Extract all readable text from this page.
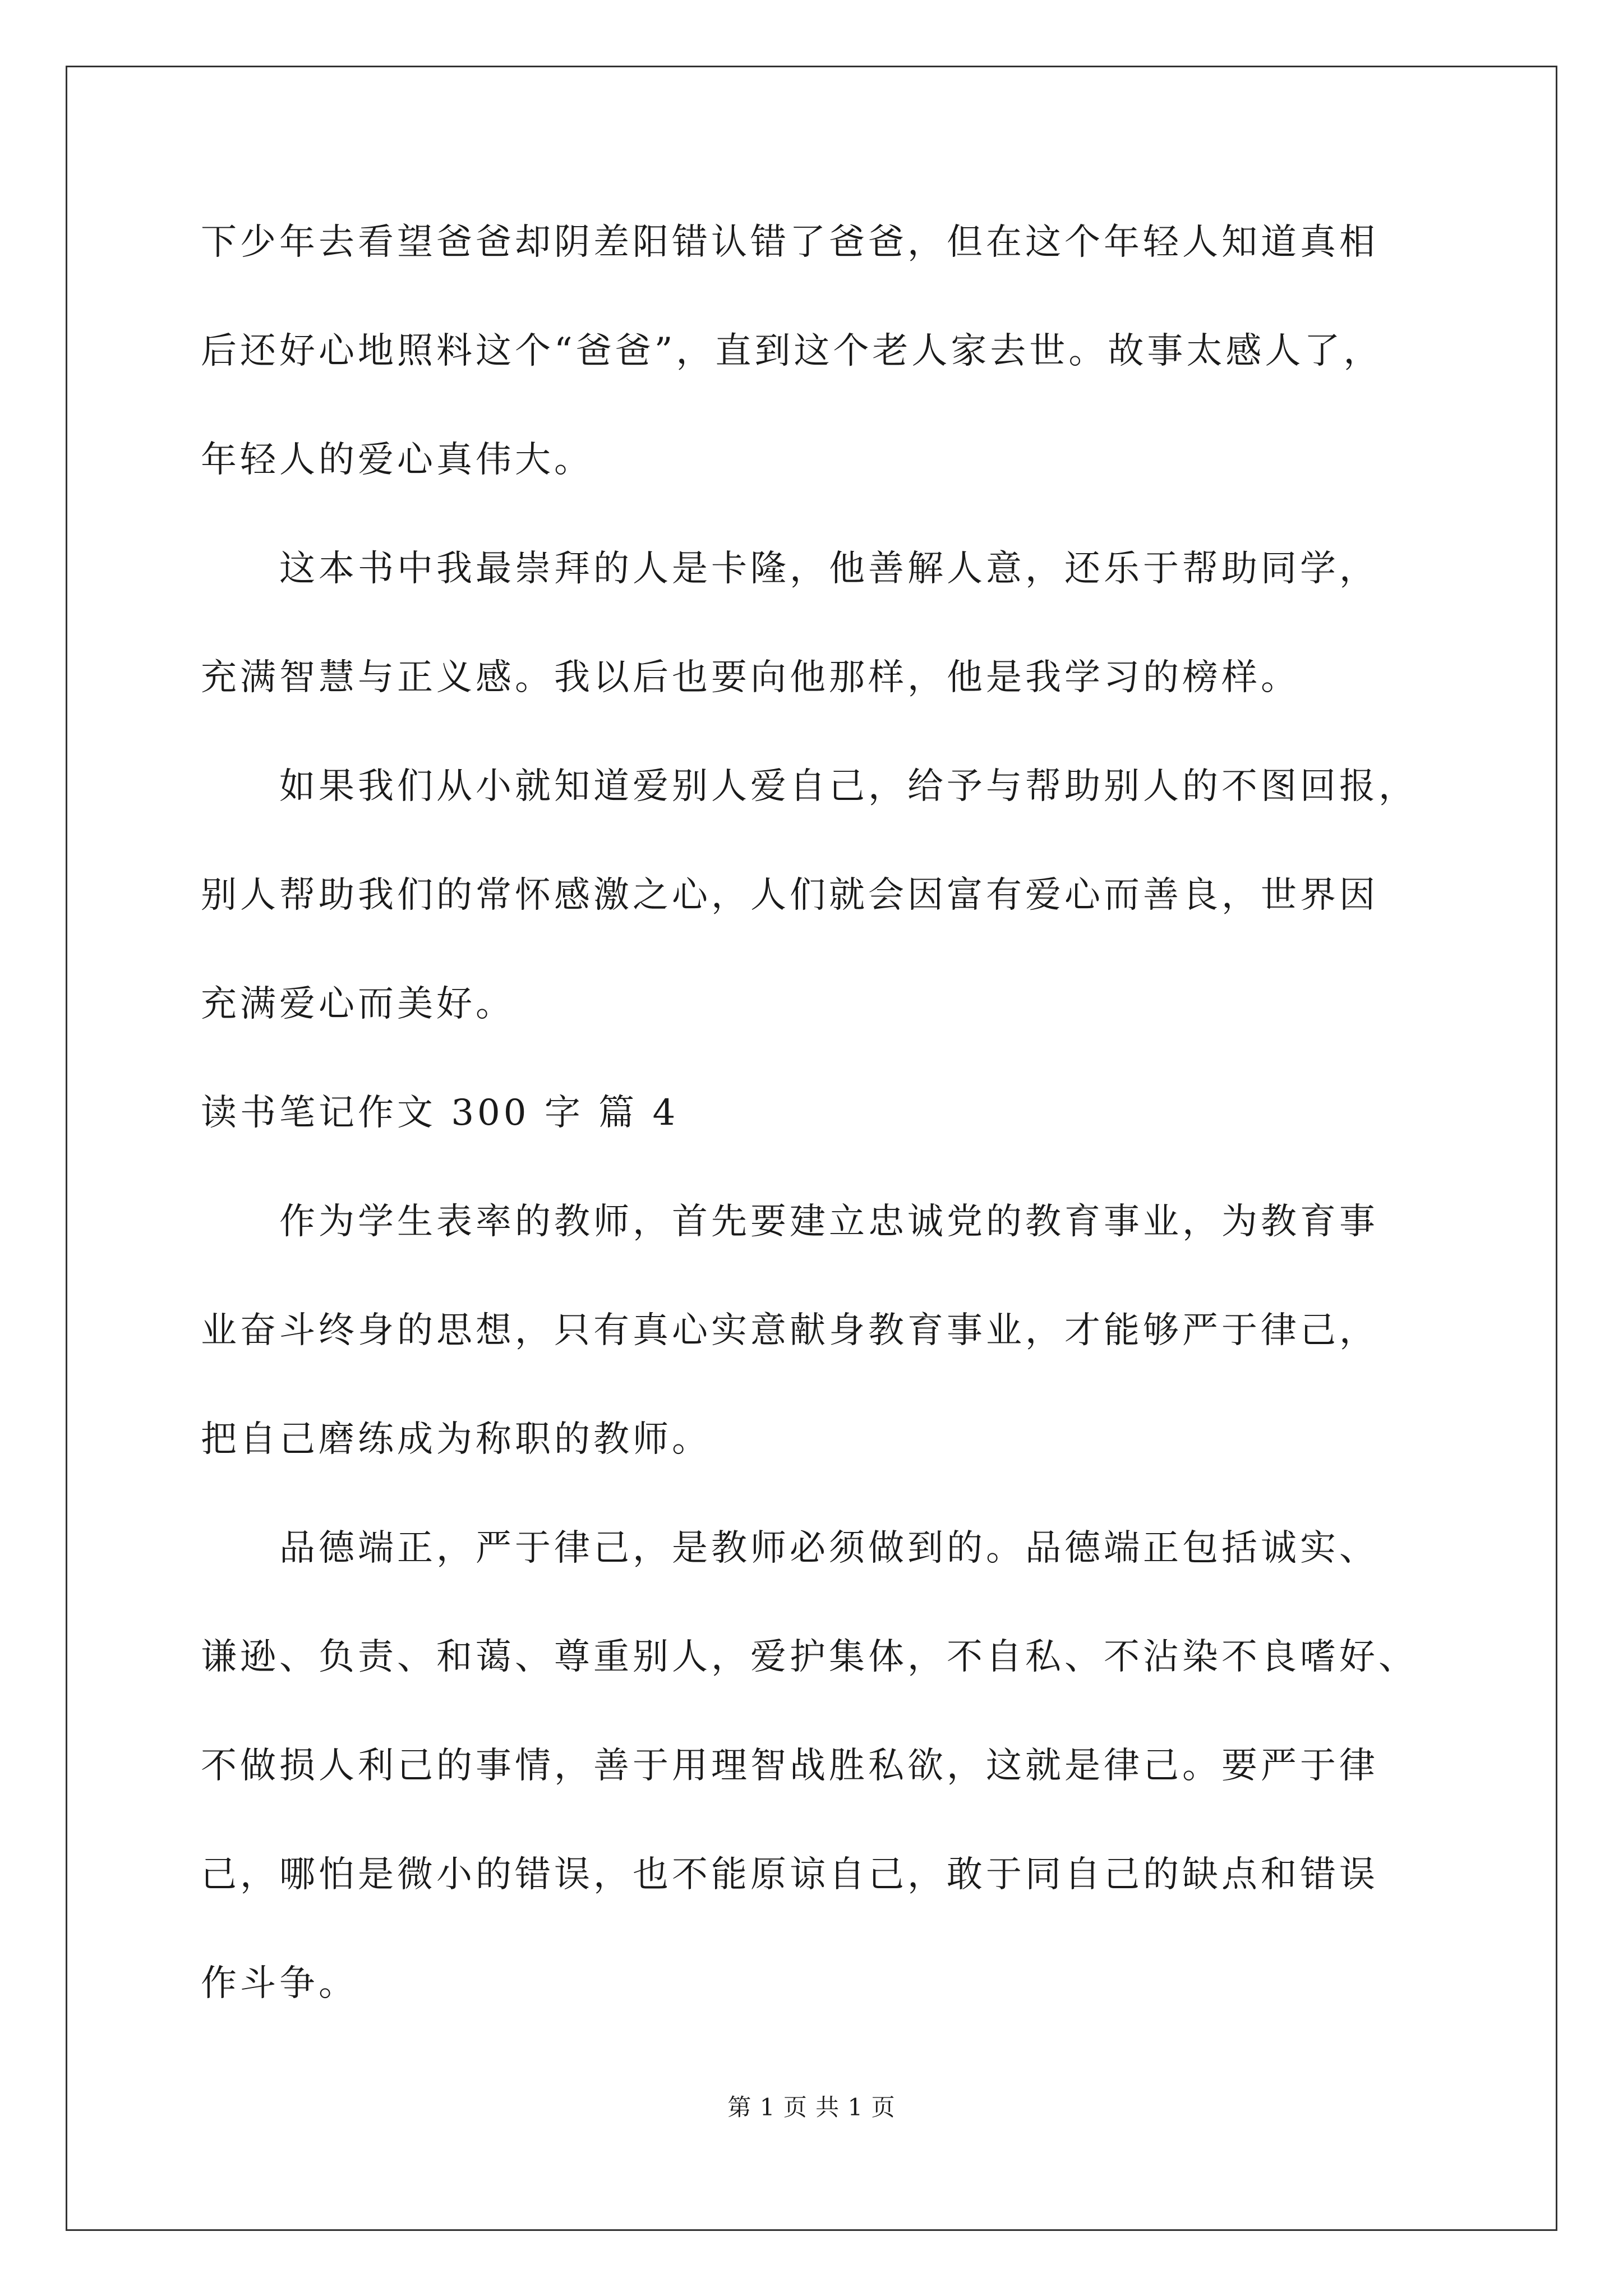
下少年去看望爸爸却阴差阳错认错了爸爸，但在这个年轻人知道真相
后还好心地照料这个“爸爸”，直到这个老人家去世。故事太感人了，
年轻人的爱心真伟大。
　　这本书中我最崇拜的人是卡隆，他善解人意，还乐于帮助同学，
充满智慧与正义感。我以后也要向他那样，他是我学习的榜样。
　　如果我们从小就知道爱别人爱自己，给予与帮助别人的不图回报，
别人帮助我们的常怀感激之心，人们就会因富有爱心而善良，世界因
充满爱心而美好。
读书笔记作文 300 字 篇 4
　　作为学生表率的教师，首先要建立忠诚党的教育事业，为教育事
业奋斗终身的思想，只有真心实意献身教育事业，才能够严于律己，
把自己磨练成为称职的教师。
　　品德端正，严于律己，是教师必须做到的。品德端正包括诚实、
谦逊、负责、和蔼、尊重别人，爱护集体，不自私、不沾染不良嗜好、
不做损人利己的事情，善于用理智战胜私欲，这就是律己。要严于律
己，哪怕是微小的错误，也不能原谅自己，敢于同自己的缺点和错误
作斗争。
第 1 页 共 1 页
